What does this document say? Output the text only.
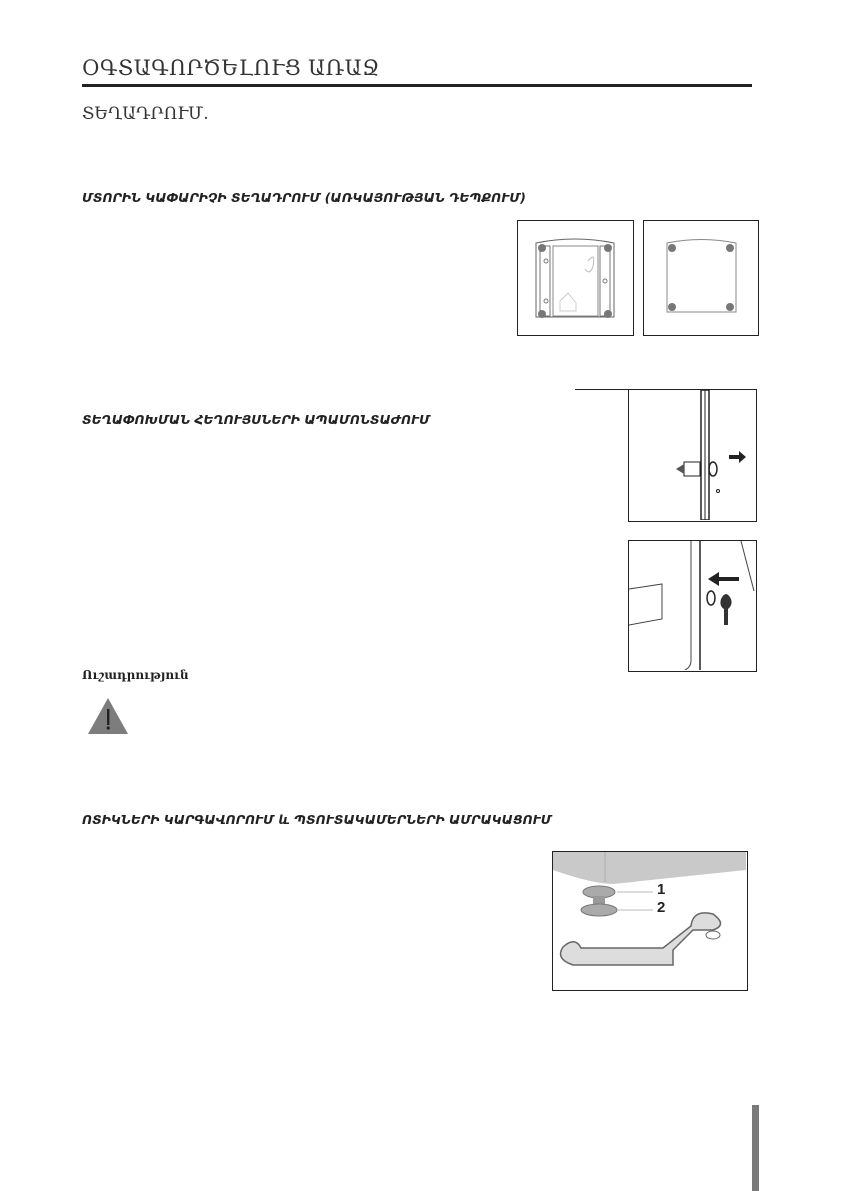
ՕԳՏԱԳՈՐԾԵԼՈՒՑ ԱՌԱՋ
ՏԵՂԱԴՐՈՒՄ.
ՄՏՈՐԻՆ ԿԱՓԱՐԻՉԻ ՏԵՂԱԴՐՈՒՄ (ԱՌԿԱՅՈՒԹՅԱՆ ԴԵՊՔՈՒՄ)
ՏԵՂԱՓՈԽՄԱՆ ՀԵՂՈՒՅՍՆԵՐԻ ԱՊԱՄՈՆՏԱԺՈՒՄ
Ուշադրություն
ՈՏԻԿՆԵՐԻ ԿԱՐԳԱՎՈՐՈՒՄ և ՊՏՈՒՏԱԿԱՄԵՐՆԵՐԻ ԱՄՐԱԿԱՑՈՒՄ
1
2
